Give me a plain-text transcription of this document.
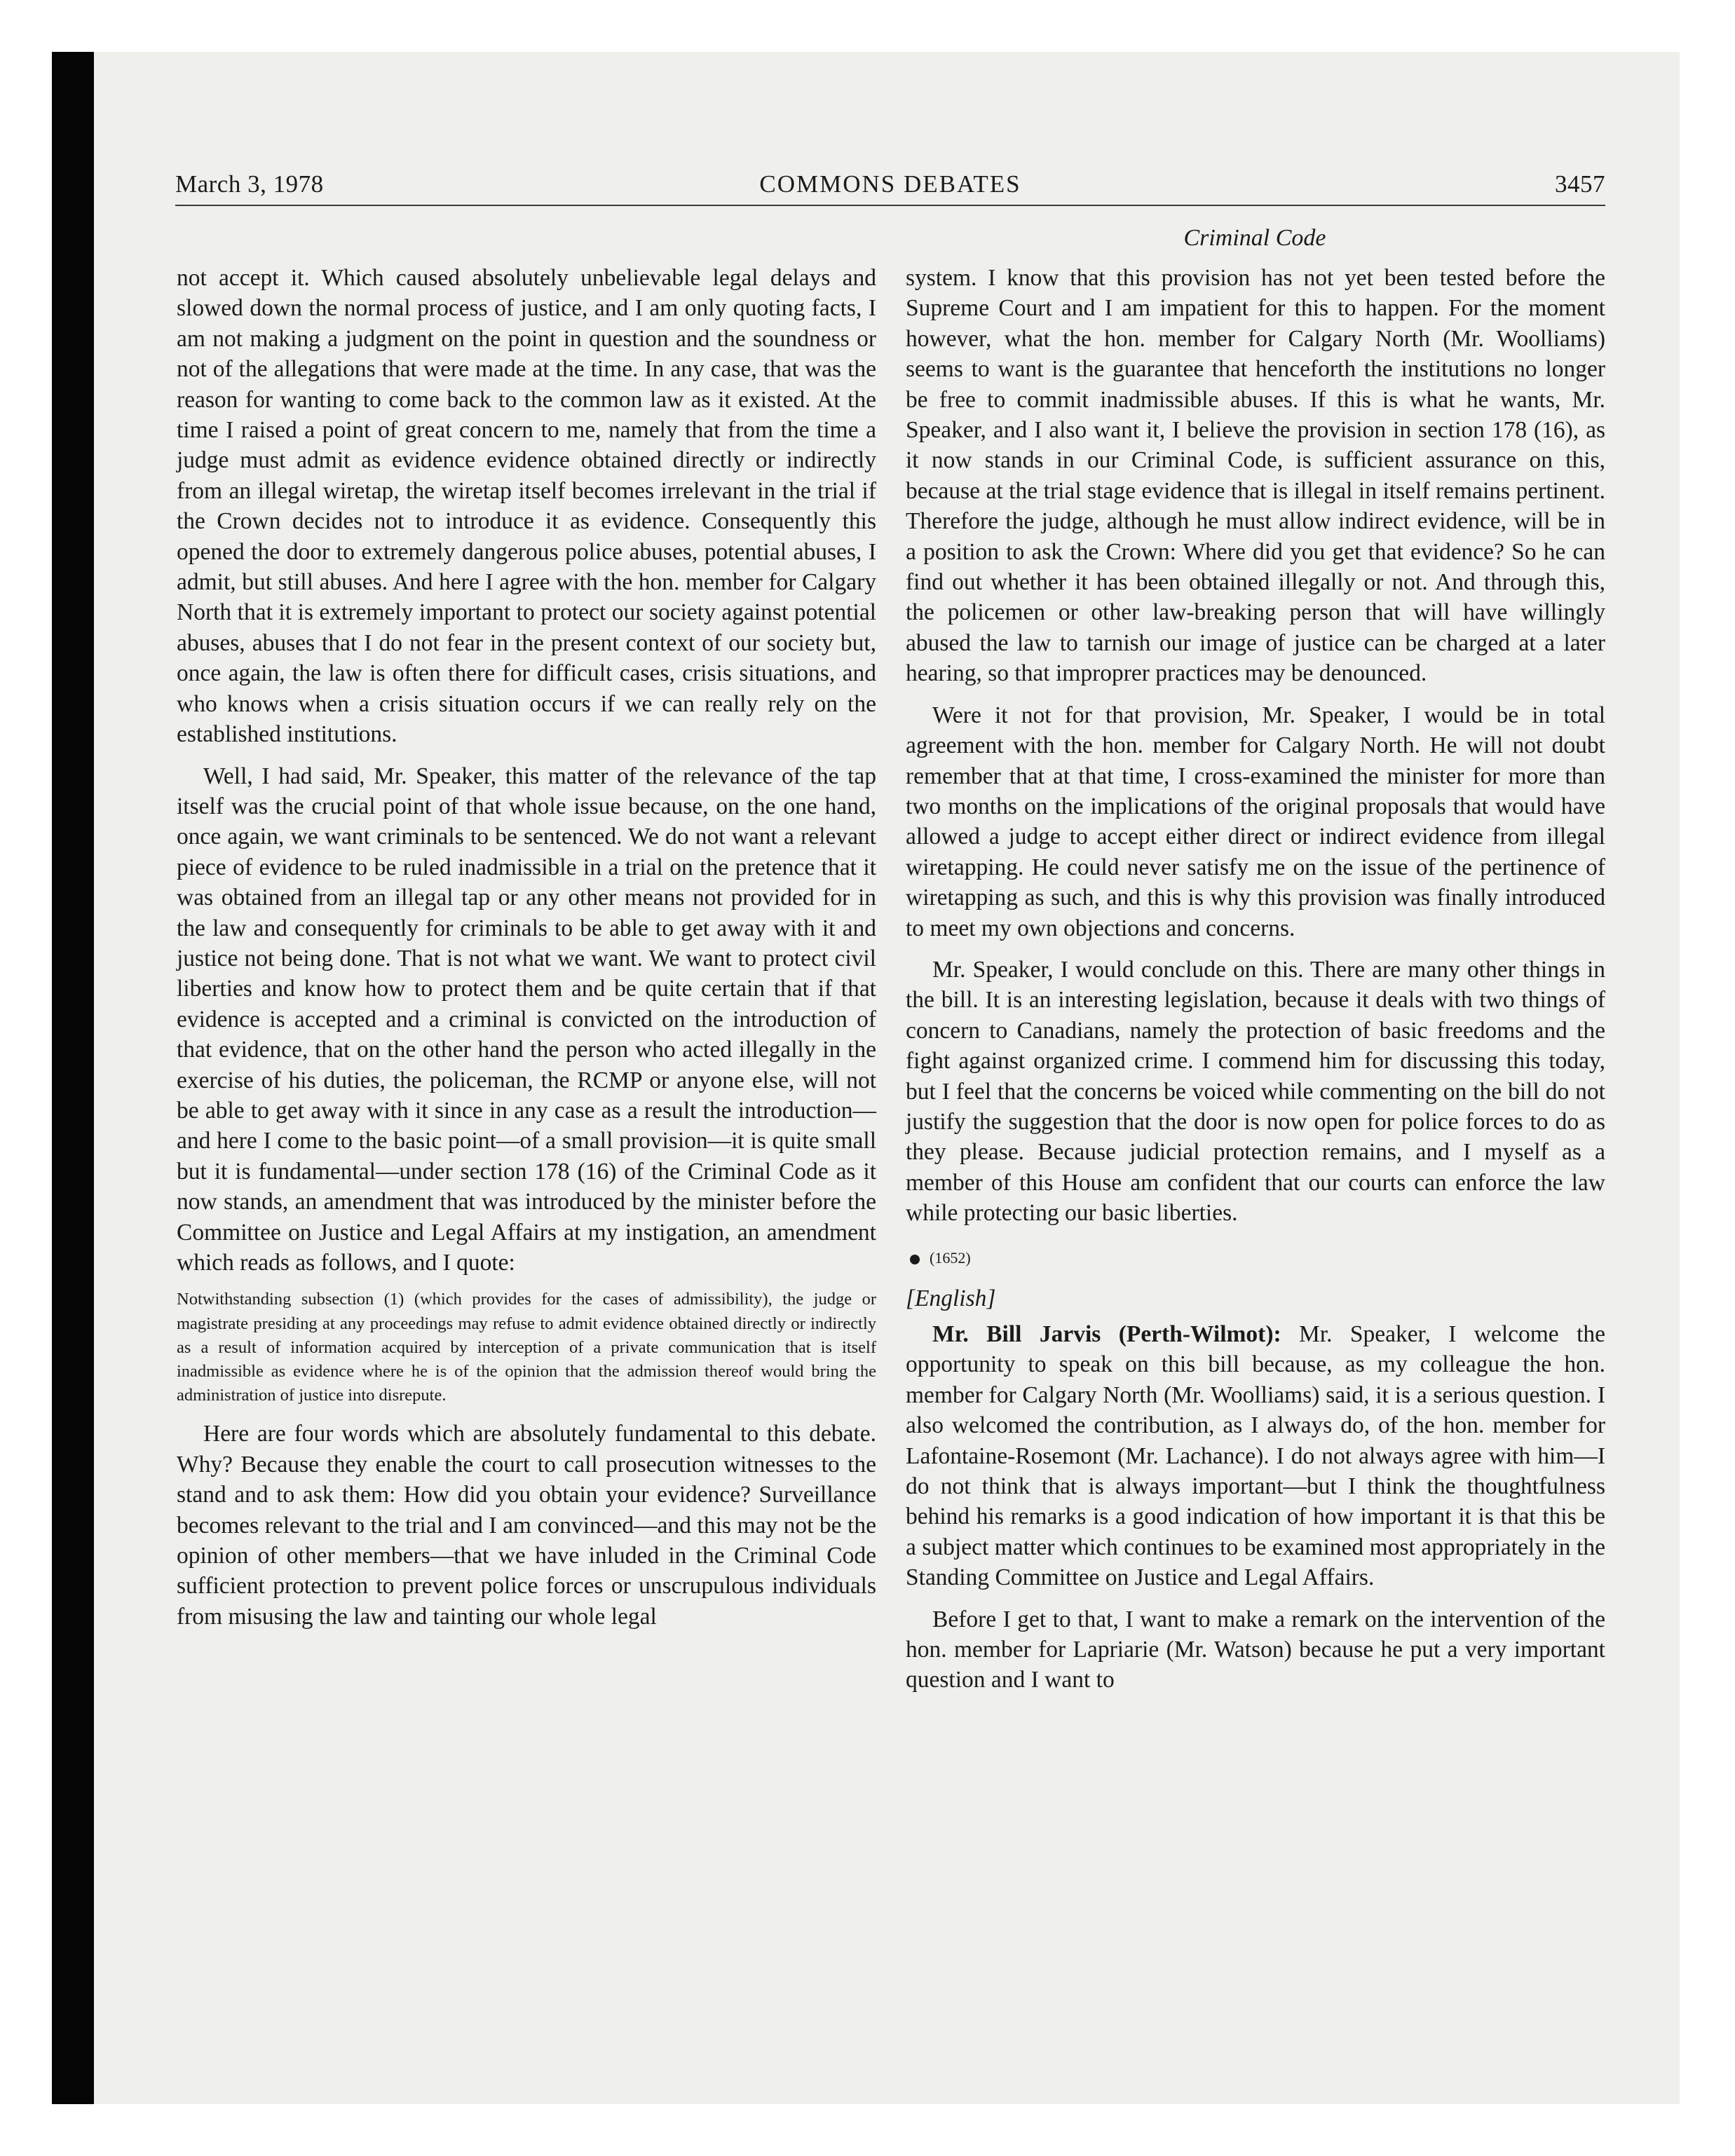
March 3, 1978	COMMONS DEBATES	3457
Criminal Code

not accept it. Which caused absolutely unbelievable legal delays and slowed down the normal process of justice, and I am only quoting facts, I am not making a judgment on the point in question and the soundness or not of the allegations that were made at the time. In any case, that was the reason for wanting to come back to the common law as it existed. At the time I raised a point of great concern to me, namely that from the time a judge must admit as evidence evidence obtained directly or indirectly from an illegal wiretap, the wiretap itself becomes irrelevant in the trial if the Crown decides not to introduce it as evidence. Consequently this opened the door to extremely dangerous police abuses, potential abuses, I admit, but still abuses. And here I agree with the hon. member for Calgary North that it is extremely important to protect our society against potential abuses, abuses that I do not fear in the present context of our society but, once again, the law is often there for difficult cases, crisis situations, and who knows when a crisis situation occurs if we can really rely on the established institutions.

Well, I had said, Mr. Speaker, this matter of the relevance of the tap itself was the crucial point of that whole issue because, on the one hand, once again, we want criminals to be sentenced. We do not want a relevant piece of evidence to be ruled inadmissible in a trial on the pretence that it was obtained from an illegal tap or any other means not provided for in the law and consequently for criminals to be able to get away with it and justice not being done. That is not what we want. We want to protect civil liberties and know how to protect them and be quite certain that if that evidence is accepted and a criminal is convicted on the introduction of that evidence, that on the other hand the person who acted illegally in the exercise of his duties, the policeman, the RCMP or anyone else, will not be able to get away with it since in any case as a result the introduction—and here I come to the basic point—of a small provision—it is quite small but it is fundamental—under section 178 (16) of the Criminal Code as it now stands, an amendment that was introduced by the minister before the Committee on Justice and Legal Affairs at my instigation, an amendment which reads as follows, and I quote:

Notwithstanding subsection (1) (which provides for the cases of admissibility), the judge or magistrate presiding at any proceedings may refuse to admit evidence obtained directly or indirectly as a result of information acquired by interception of a private communication that is itself inadmissible as evidence where he is of the opinion that the admission thereof would bring the administration of justice into disrepute.

Here are four words which are absolutely fundamental to this debate. Why? Because they enable the court to call prosecution witnesses to the stand and to ask them: How did you obtain your evidence? Surveillance becomes relevant to the trial and I am convinced—and this may not be the opinion of other members—that we have inluded in the Criminal Code sufficient protection to prevent police forces or unscrupulous individuals from misusing the law and tainting our whole legal

system. I know that this provision has not yet been tested before the Supreme Court and I am impatient for this to happen. For the moment however, what the hon. member for Calgary North (Mr. Woolliams) seems to want is the guarantee that henceforth the institutions no longer be free to commit inadmissible abuses. If this is what he wants, Mr. Speaker, and I also want it, I believe the provision in section 178 (16), as it now stands in our Criminal Code, is sufficient assurance on this, because at the trial stage evidence that is illegal in itself remains pertinent. Therefore the judge, although he must allow indirect evidence, will be in a position to ask the Crown: Where did you get that evidence? So he can find out whether it has been obtained illegally or not. And through this, the policemen or other law-breaking person that will have willingly abused the law to tarnish our image of justice can be charged at a later hearing, so that improprer practices may be denounced.

Were it not for that provision, Mr. Speaker, I would be in total agreement with the hon. member for Calgary North. He will not doubt remember that at that time, I cross-examined the minister for more than two months on the implications of the original proposals that would have allowed a judge to accept either direct or indirect evidence from illegal wiretapping. He could never satisfy me on the issue of the pertinence of wiretapping as such, and this is why this provision was finally introduced to meet my own objections and concerns.

Mr. Speaker, I would conclude on this. There are many other things in the bill. It is an interesting legislation, because it deals with two things of concern to Canadians, namely the protection of basic freedoms and the fight against organized crime. I commend him for discussing this today, but I feel that the concerns be voiced while commenting on the bill do not justify the suggestion that the door is now open for police forces to do as they please. Because judicial protection remains, and I myself as a member of this House am confident that our courts can enforce the law while protecting our basic liberties.

(1652)

[English]

Mr. Bill Jarvis (Perth-Wilmot): Mr. Speaker, I welcome the opportunity to speak on this bill because, as my colleague the hon. member for Calgary North (Mr. Woolliams) said, it is a serious question. I also welcomed the contribution, as I always do, of the hon. member for Lafontaine-Rosemont (Mr. Lachance). I do not always agree with him—I do not think that is always important—but I think the thoughtfulness behind his remarks is a good indication of how important it is that this be a subject matter which continues to be examined most appropriately in the Standing Committee on Justice and Legal Affairs.

Before I get to that, I want to make a remark on the intervention of the hon. member for Lapriarie (Mr. Watson) because he put a very important question and I want to
